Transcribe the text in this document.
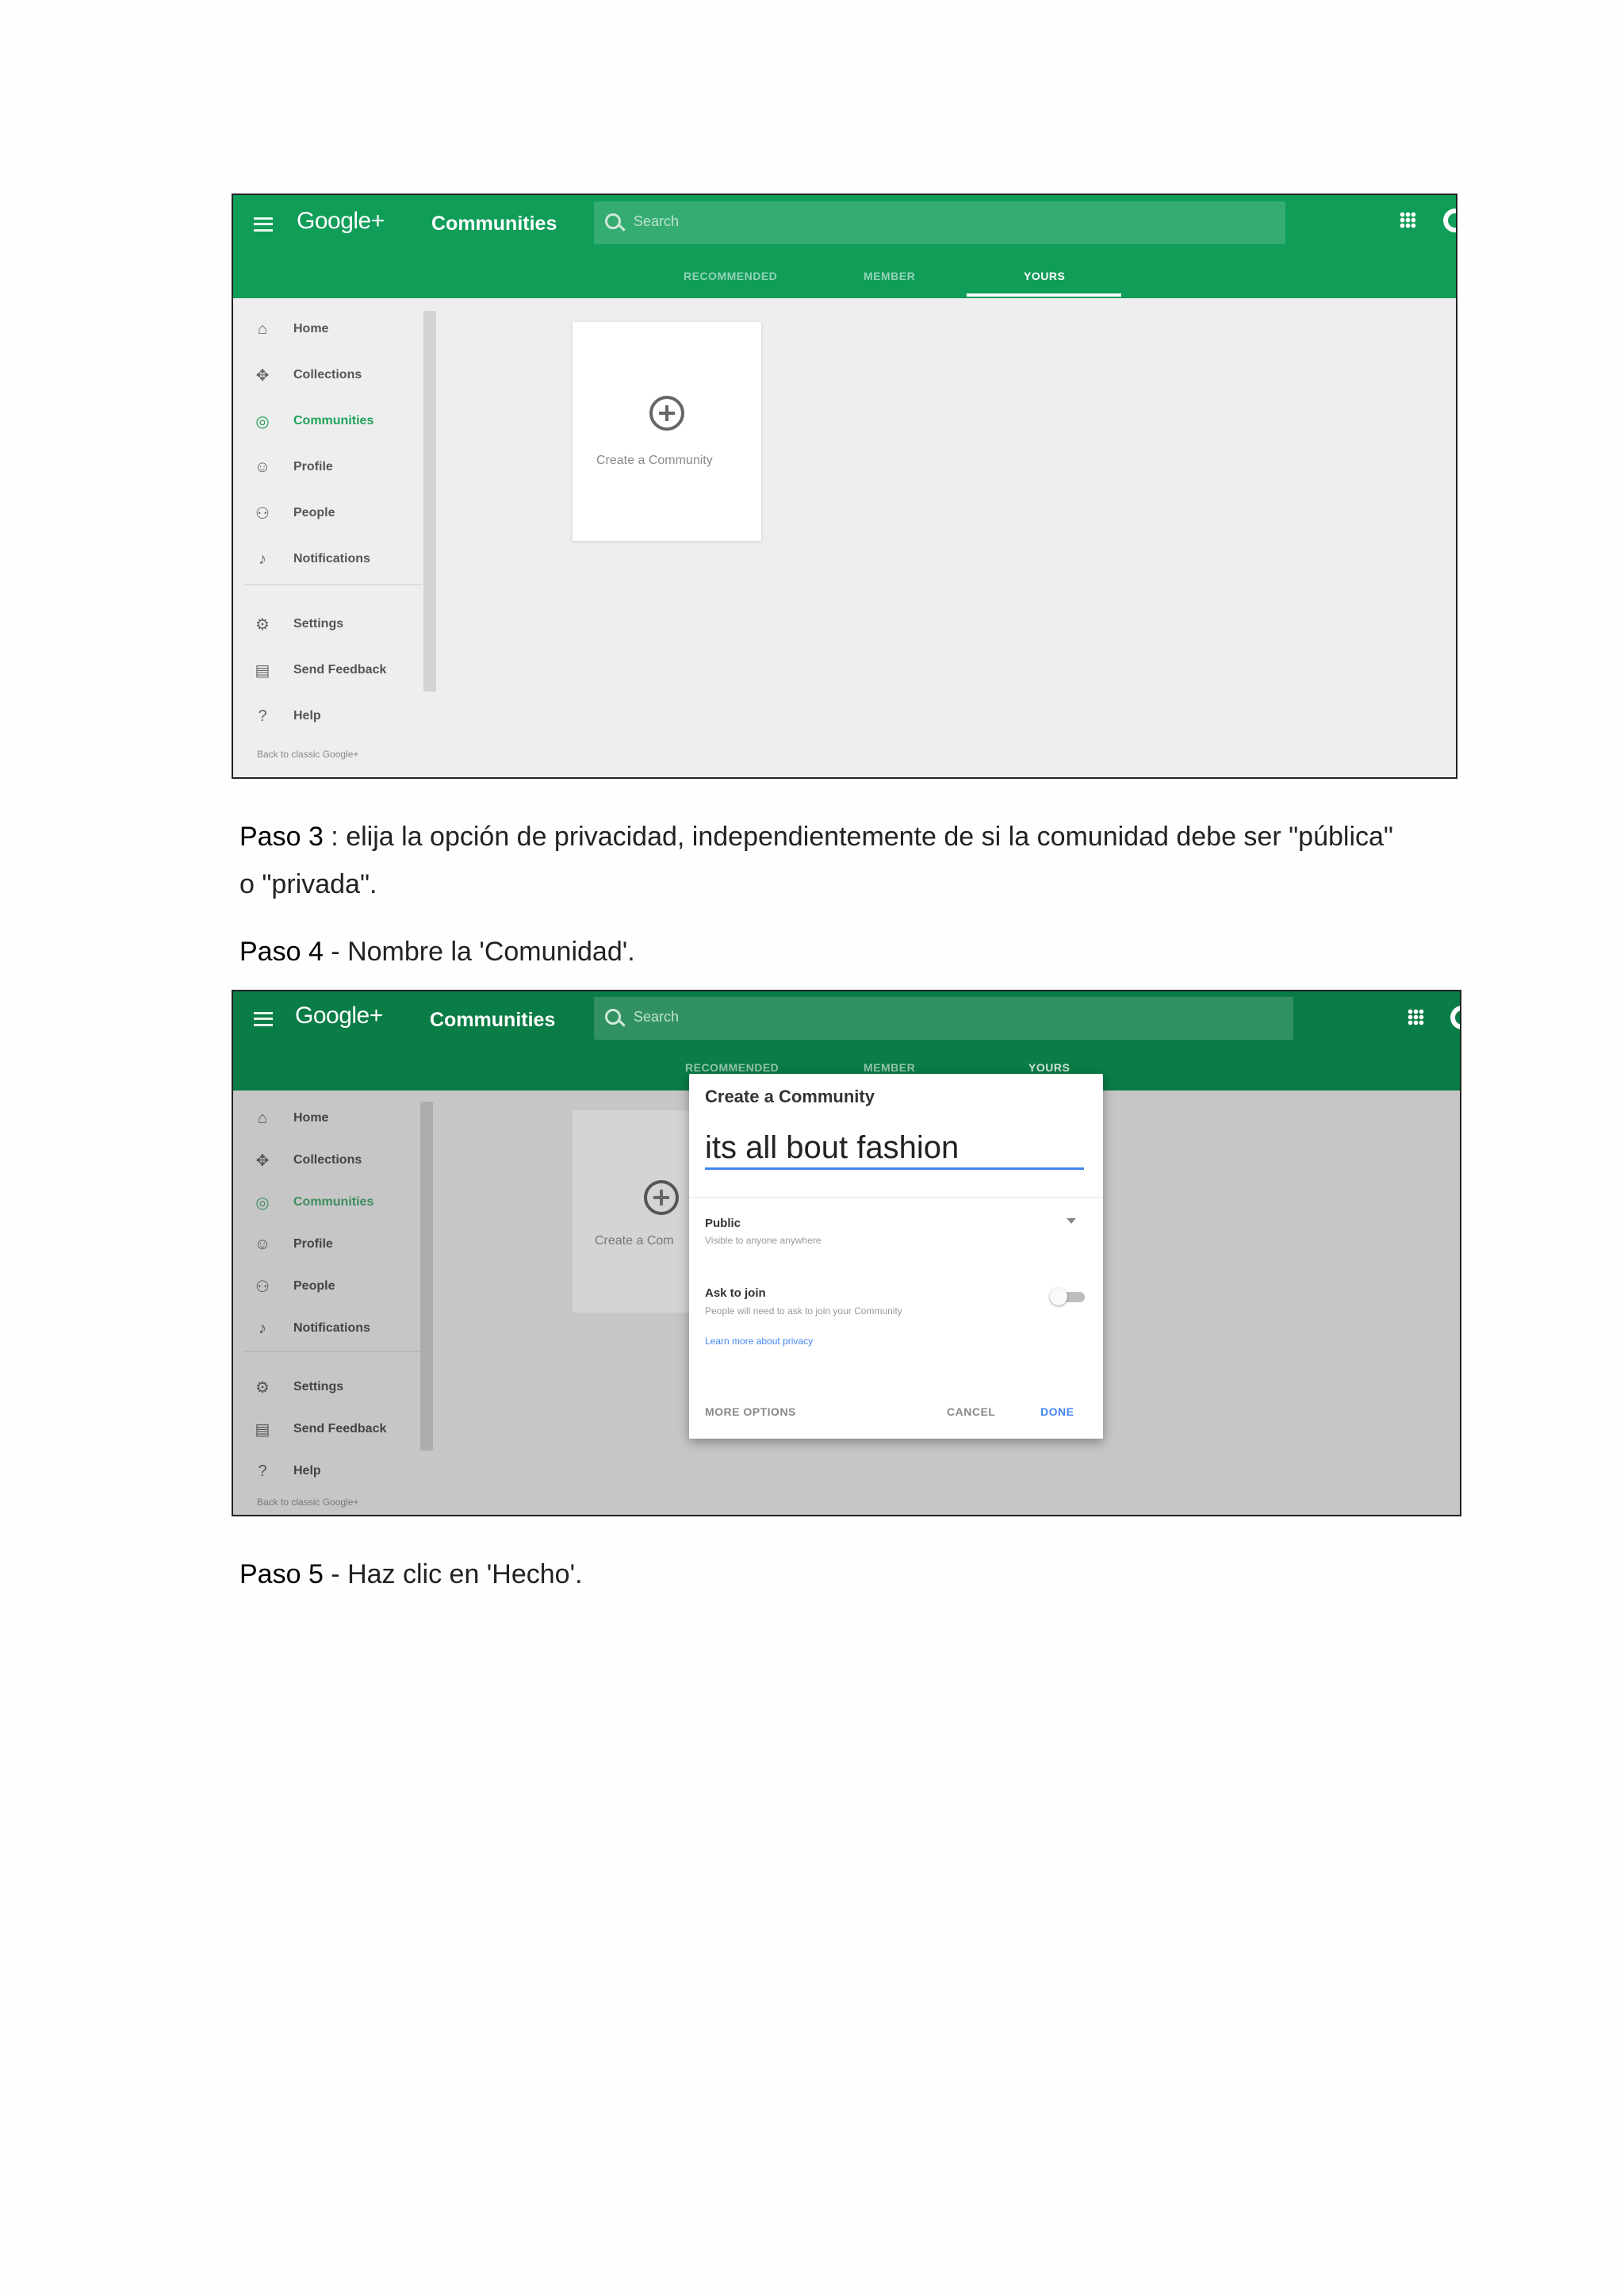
Google+ Communities	Search
RECOMMENDED	MEMBER	YOURS
⌂	Home
✥ Collections
◎ Communities
☺ Profile
⚇ People
♪	Notifications
⚙ Settings
▤ Send Feedback
?	Help
Back to classic Google+
Create a Community

Paso 3 : elija la opción de privacidad, independientemente de si la comunidad debe ser "pública"

o "privada".

Paso 4 - Nombre la 'Comunidad'.

Paso 5 - Haz clic en 'Hecho'.

Google+ Communities	Search
RECOMMENDED	MEMBER	YOURS
⌂	Home
✥ Collections
◎ Communities
☺ Profile
⚇ People
♪	Notifications
⚙ Settings
▤ Send Feedback
?	Help
Back to classic Google+
Create a Com
Create a Community
its all bout fashion
Public
Visible to anyone anywhere
Ask to join
People will need to ask to join your Community
Learn more about privacy
MORE OPTIONS	CANCEL	DONE
